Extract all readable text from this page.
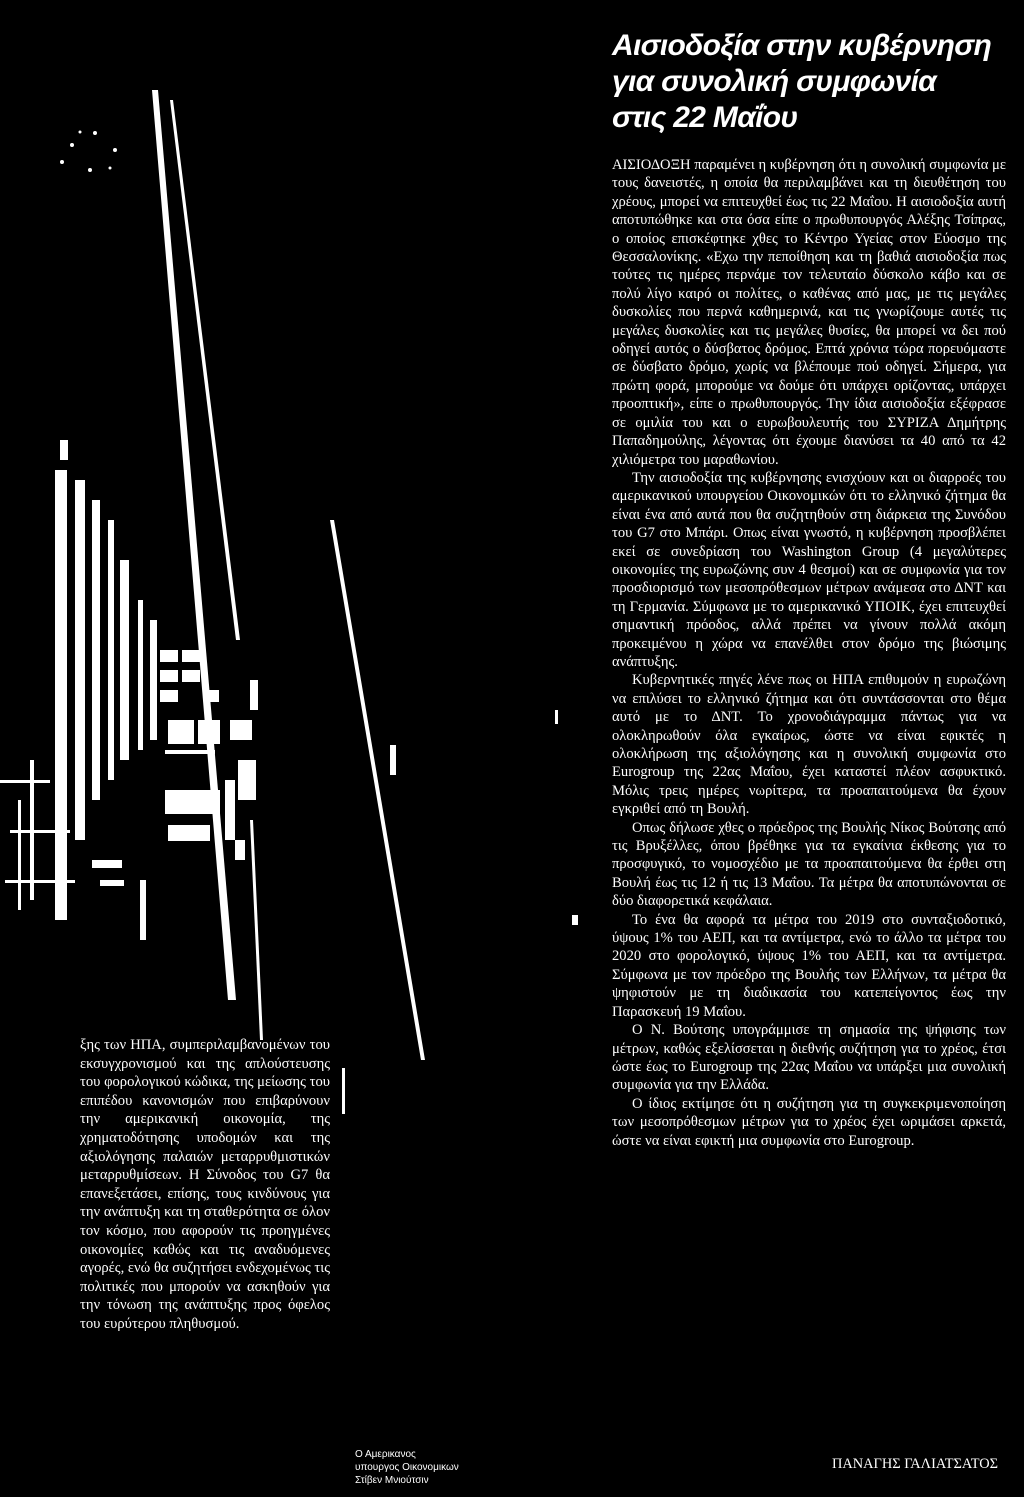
ξης των ΗΠΑ, συμπεριλαμβανομένων του εκσυγχρονισμού και της απλούστευσης του φορολογικού κώδικα, της μείωσης του επιπέδου κανονισμών που επιβαρύνουν την αμερικανική οικονομία, της χρηματοδότησης υποδομών και της αξιολόγησης παλαιών μεταρρυθμιστικών μεταρρυθμίσεων. Η Σύνοδος του G7 θα επανεξετάσει, επίσης, τους κινδύνους για την ανάπτυξη και τη σταθερότητα σε όλον τον κόσμο, που αφορούν τις προηγμένες οικονομίες καθώς και τις αναδυόμενες αγορές, ενώ θα συζητήσει ενδεχομένως τις πολιτικές που μπορούν να ασκηθούν για την τόνωση της ανάπτυξης προς όφελος του ευρύτερου πληθυσμού.
Ο Αμερικανος
υπουργος Οικονομικων
Στίβεν Μνιούτσιν
Αισιοδοξία στην κυβέρνηση
για συνολική συμφωνία
στις 22 Μαΐου

ΑΙΣΙΟΔΟΞΗ παραμένει η κυβέρνηση ότι η συνολική συμφωνία με τους δανειστές, η οποία θα περιλαμβάνει και τη διευθέτηση του χρέους, μπορεί να επιτευχθεί έως τις 22 Μαΐου. Η αισιοδοξία αυτή αποτυπώθηκε και στα όσα είπε ο πρωθυπουργός Αλέξης Τσίπρας, ο οποίος επισκέφτηκε χθες το Κέντρο Υγείας στον Εύοσμο της Θεσσαλονίκης. «Εχω την πεποίθηση και τη βαθιά αισιοδοξία πως τούτες τις ημέρες περνάμε τον τελευταίο δύσκολο κάβο και σε πολύ λίγο καιρό οι πολίτες, ο καθένας από μας, με τις μεγάλες δυσκολίες που περνά καθημερινά, και τις γνωρίζουμε αυτές τις μεγάλες δυσκολίες και τις μεγάλες θυσίες, θα μπορεί να δει πού οδηγεί αυτός ο δύσβατος δρόμος. Επτά χρόνια τώρα πορευόμαστε σε δύσβατο δρόμο, χωρίς να βλέπουμε πού οδηγεί. Σήμερα, για πρώτη φορά, μπορούμε να δούμε ότι υπάρχει ορίζοντας, υπάρχει προοπτική», είπε ο πρωθυπουργός. Την ίδια αισιοδοξία εξέφρασε σε ομιλία του και ο ευρωβουλευτής του ΣΥΡΙΖΑ Δημήτρης Παπαδημούλης, λέγοντας ότι έχουμε διανύσει τα 40 από τα 42 χιλιόμετρα του μαραθωνίου.

Την αισιοδοξία της κυβέρνησης ενισχύουν και οι διαρροές του αμερικανικού υπουργείου Οικονομικών ότι το ελληνικό ζήτημα θα είναι ένα από αυτά που θα συζητηθούν στη διάρκεια της Συνόδου του G7 στο Μπάρι. Οπως είναι γνωστό, η κυβέρνηση προσβλέπει εκεί σε συνεδρίαση του Washington Group (4 μεγαλύτερες οικονομίες της ευρωζώνης συν 4 θεσμοί) και σε συμφωνία για τον προσδιορισμό των μεσοπρόθεσμων μέτρων ανάμεσα στο ΔΝΤ και τη Γερμανία. Σύμφωνα με το αμερικανικό ΥΠΟΙΚ, έχει επιτευχθεί σημαντική πρόοδος, αλλά πρέπει να γίνουν πολλά ακόμη προκειμένου η χώρα να επανέλθει στον δρόμο της βιώσιμης ανάπτυξης.

Κυβερνητικές πηγές λένε πως οι ΗΠΑ επιθυμούν η ευρωζώνη να επιλύσει το ελληνικό ζήτημα και ότι συντάσσονται στο θέμα αυτό με το ΔΝΤ. Το χρονοδιάγραμμα πάντως για να ολοκληρωθούν όλα εγκαίρως, ώστε να είναι εφικτές η ολοκλήρωση της αξιολόγησης και η συνολική συμφωνία στο Eurogroup της 22ας Μαΐου, έχει καταστεί πλέον ασφυκτικό. Μόλις τρεις ημέρες νωρίτερα, τα προαπαιτούμενα θα έχουν εγκριθεί από τη Βουλή.

Οπως δήλωσε χθες ο πρόεδρος της Βουλής Νίκος Βούτσης από τις Βρυξέλλες, όπου βρέθηκε για τα εγκαίνια έκθεσης για το προσφυγικό, το νομοσχέδιο με τα προαπαιτούμενα θα έρθει στη Βουλή έως τις 12 ή τις 13 Μαΐου. Τα μέτρα θα αποτυπώνονται σε δύο διαφορετικά κεφάλαια.

Το ένα θα αφορά τα μέτρα του 2019 στο συνταξιοδοτικό, ύψους 1% του ΑΕΠ, και τα αντίμετρα, ενώ το άλλο τα μέτρα του 2020 στο φορολογικό, ύψους 1% του ΑΕΠ, και τα αντίμετρα. Σύμφωνα με τον πρόεδρο της Βουλής των Ελλήνων, τα μέτρα θα ψηφιστούν με τη διαδικασία του κατεπείγοντος έως την Παρασκευή 19 Μαΐου.

Ο Ν. Βούτσης υπογράμμισε τη σημασία της ψήφισης των μέτρων, καθώς εξελίσσεται η διεθνής συζήτηση για το χρέος, έτσι ώστε έως το Eurogroup της 22ας Μαΐου να υπάρξει μια συνολική συμφωνία για την Ελλάδα.

Ο ίδιος εκτίμησε ότι η συζήτηση για τη συγκεκριμενοποίηση των μεσοπρόθεσμων μέτρων για το χρέος έχει ωριμάσει αρκετά, ώστε να είναι εφικτή μια συμφωνία στο Eurogroup.

ΠΑΝΑΓΗΣ ΓΑΛΙΑΤΣΑΤΟΣ
